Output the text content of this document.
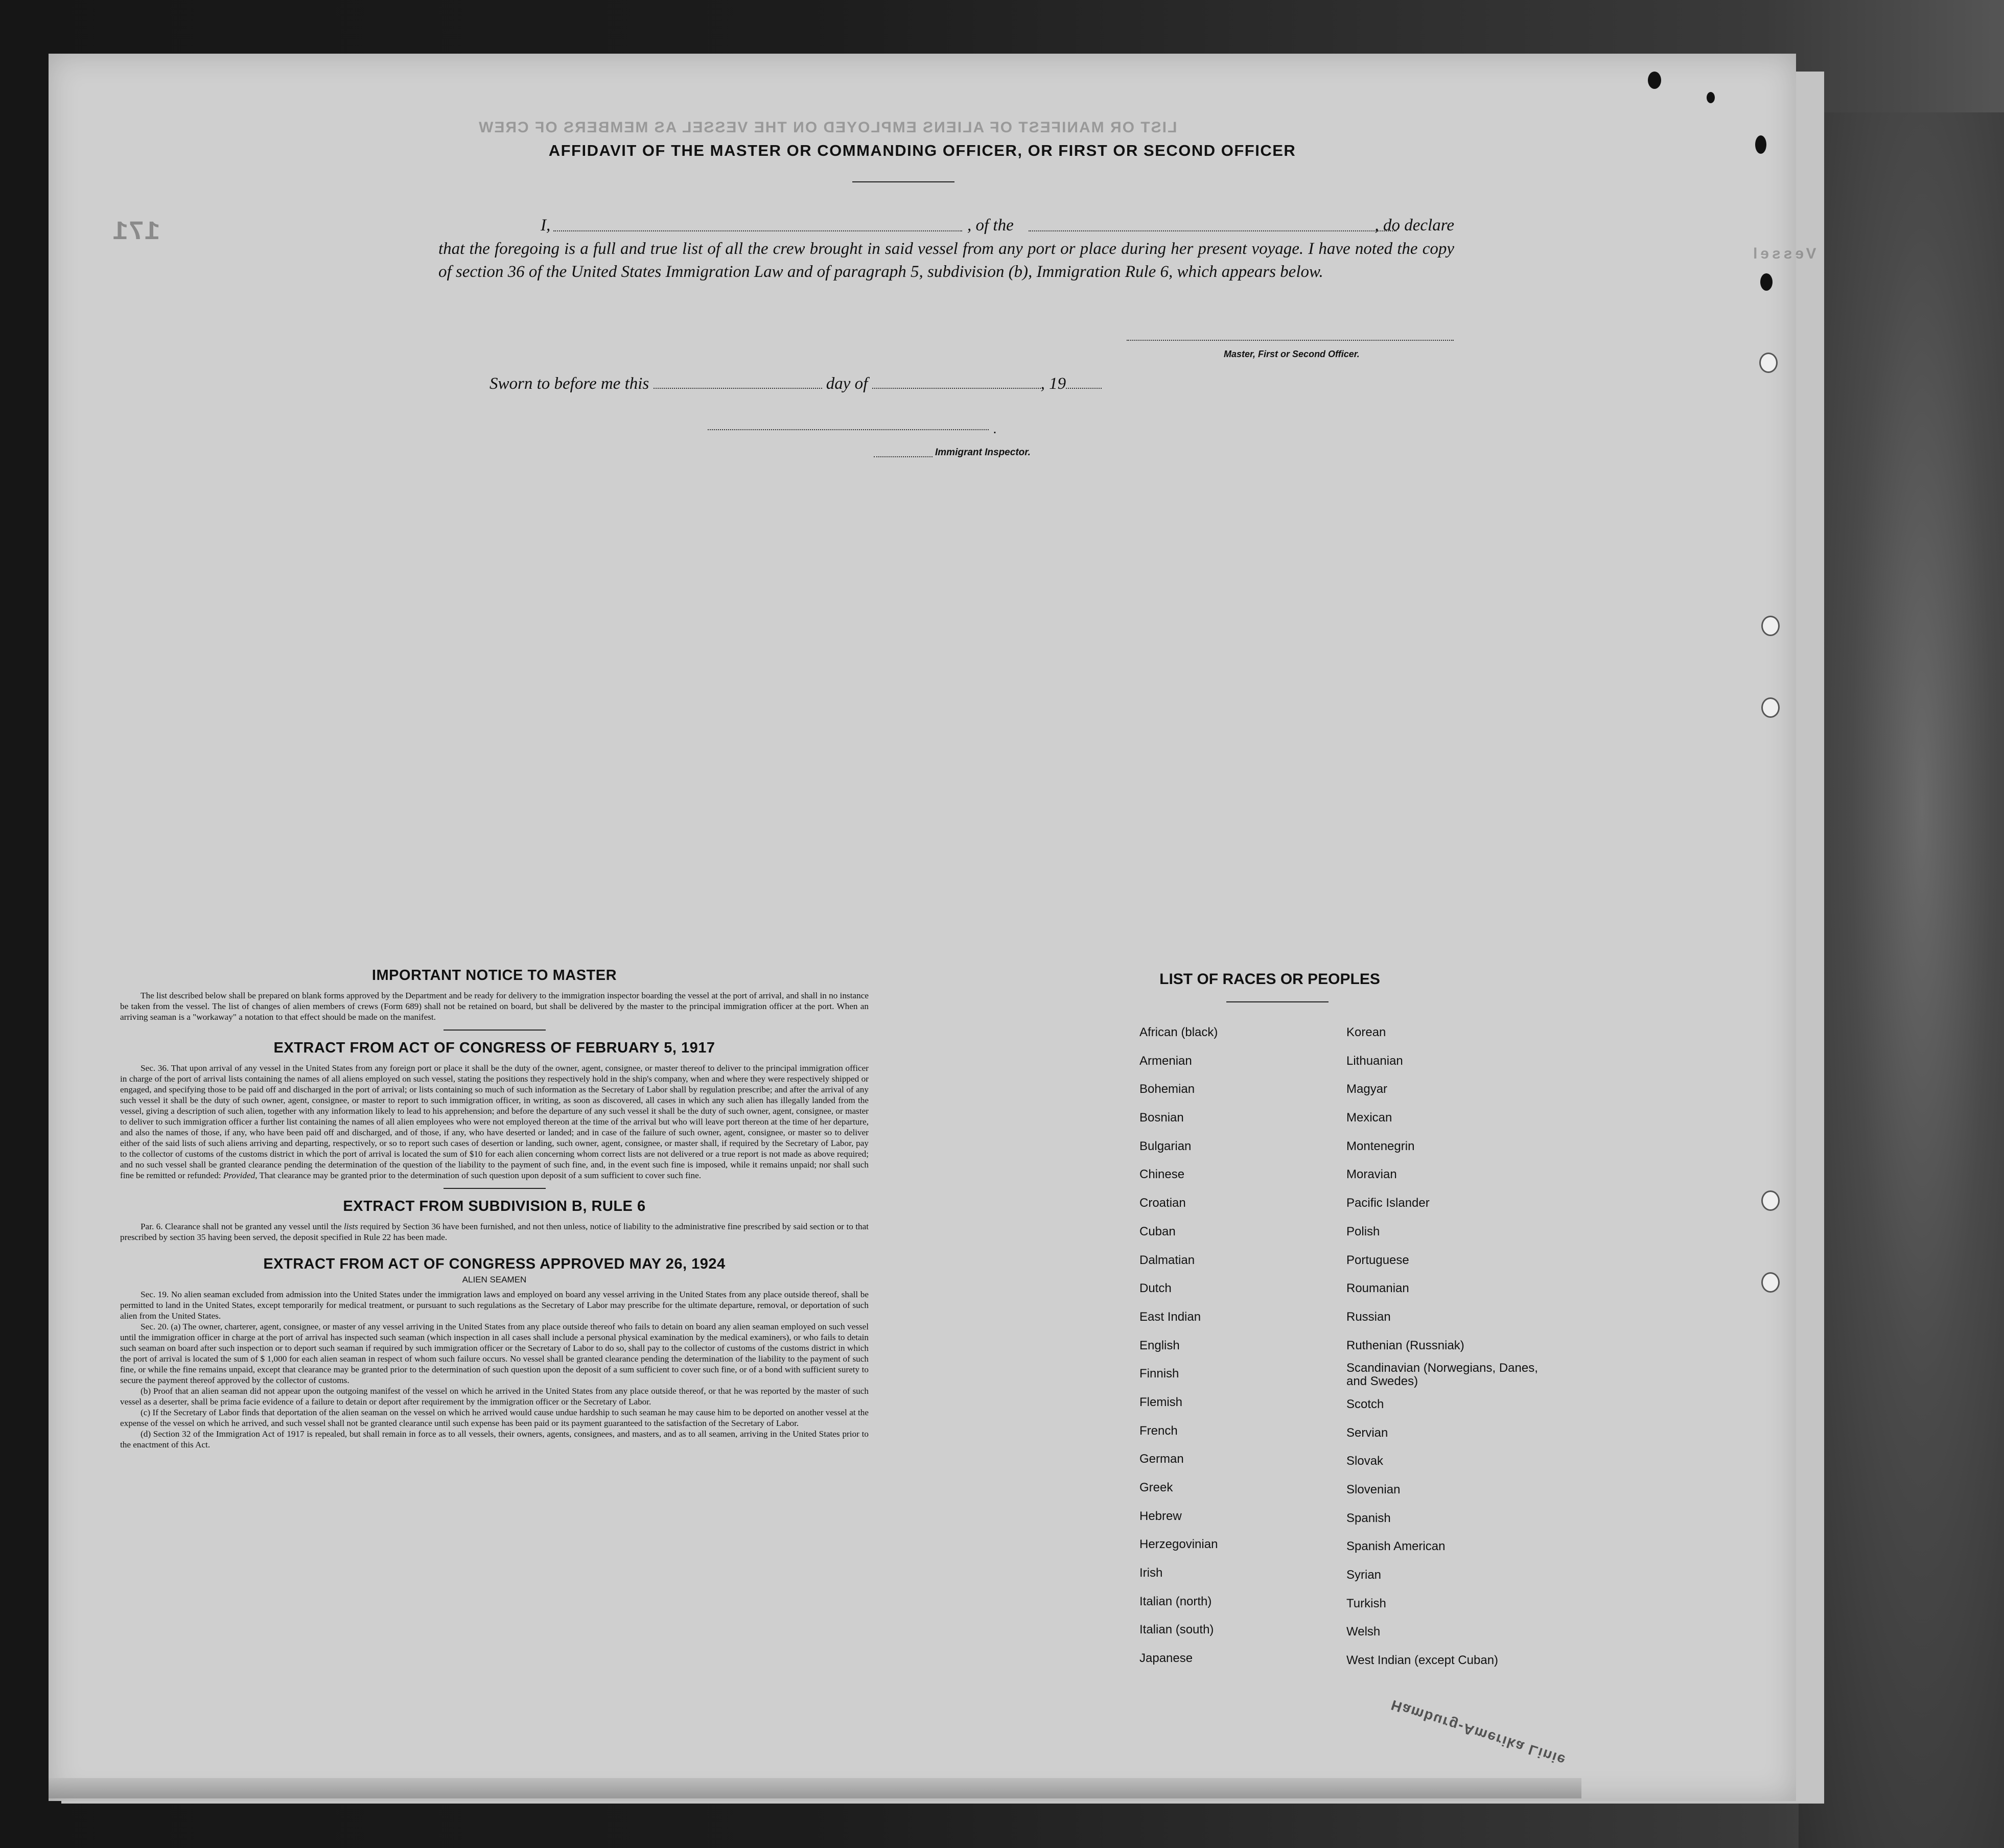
LIST OR MANIFEST OF ALIENS EMPLOYED ON THE VESSEL AS MEMBERS OF CREW
Vessel
171
AFFIDAVIT OF THE MASTER OR COMMANDING OFFICER, OR FIRST OR SECOND OFFICER
I,	, of the	, do declare
that the foregoing is a full and true list of all the crew brought in said vessel from any port or place during her present voyage. I have noted the copy of section 36 of the United States Immigration Law and of paragraph 5, subdivision (b), Immigration Rule 6, which appears below.
Master, First or Second Officer.
Sworn to before me this	day of	, 19
.
Immigrant Inspector.
IMPORTANT NOTICE TO MASTER

The list described below shall be prepared on blank forms approved by the Department and be ready for delivery to the immigration inspector boarding the vessel at the port of arrival, and shall in no instance be taken from the vessel. The list of changes of alien members of crews (Form 689) shall not be retained on board, but shall be delivered by the master to the principal immigration officer at the port. When an arriving seaman is a "workaway" a notation to that effect should be made on the manifest.

EXTRACT FROM ACT OF CONGRESS OF FEBRUARY 5, 1917

Sec. 36. That upon arrival of any vessel in the United States from any foreign port or place it shall be the duty of the owner, agent, consignee, or master thereof to deliver to the principal immigration officer in charge of the port of arrival lists containing the names of all aliens employed on such vessel, stating the positions they respectively hold in the ship's company, when and where they were respectively shipped or engaged, and specifying those to be paid off and discharged in the port of arrival; or lists containing so much of such information as the Secretary of Labor shall by regulation prescribe; and after the arrival of any such vessel it shall be the duty of such owner, agent, consignee, or master to report to such immigration officer, in writing, as soon as discovered, all cases in which any such alien has illegally landed from the vessel, giving a description of such alien, together with any information likely to lead to his apprehension; and before the departure of any such vessel it shall be the duty of such owner, agent, consignee, or master to deliver to such immigration officer a further list containing the names of all alien employees who were not employed thereon at the time of the arrival but who will leave port thereon at the time of her departure, and also the names of those, if any, who have been paid off and discharged, and of those, if any, who have deserted or landed; and in case of the failure of such owner, agent, consignee, or master so to deliver either of the said lists of such aliens arriving and departing, respectively, or so to report such cases of desertion or landing, such owner, agent, consignee, or master shall, if required by the Secretary of Labor, pay to the collector of customs of the customs district in which the port of arrival is located the sum of $10 for each alien concerning whom correct lists are not delivered or a true report is not made as above required; and no such vessel shall be granted clearance pending the determination of the question of the liability to the payment of such fine, and, in the event such fine is imposed, while it remains unpaid; nor shall such fine be remitted or refunded: Provided, That clearance may be granted prior to the determination of such question upon deposit of a sum sufficient to cover such fine.

EXTRACT FROM SUBDIVISION B, RULE 6

Par. 6. Clearance shall not be granted any vessel until the lists required by Section 36 have been furnished, and not then unless, notice of liability to the administrative fine prescribed by said section or to that prescribed by section 35 having been served, the deposit specified in Rule 22 has been made.

EXTRACT FROM ACT OF CONGRESS APPROVED MAY 26, 1924
ALIEN SEAMEN

Sec. 19. No alien seaman excluded from admission into the United States under the immigration laws and employed on board any vessel arriving in the United States from any place outside thereof, shall be permitted to land in the United States, except temporarily for medical treatment, or pursuant to such regulations as the Secretary of Labor may prescribe for the ultimate departure, removal, or deportation of such alien from the United States.

Sec. 20. (a) The owner, charterer, agent, consignee, or master of any vessel arriving in the United States from any place outside thereof who fails to detain on board any alien seaman employed on such vessel until the immigration officer in charge at the port of arrival has inspected such seaman (which inspection in all cases shall include a personal physical examination by the medical examiners), or who fails to detain such seaman on board after such inspection or to deport such seaman if required by such immigration officer or the Secretary of Labor to do so, shall pay to the collector of customs of the customs district in which the port of arrival is located the sum of $ 1,000 for each alien seaman in respect of whom such failure occurs. No vessel shall be granted clearance pending the determination of the liability to the payment of such fine, or while the fine remains unpaid, except that clearance may be granted prior to the determination of such question upon the deposit of a sum sufficient to cover such fine, or of a bond with sufficient surety to secure the payment thereof approved by the collector of customs.

(b) Proof that an alien seaman did not appear upon the outgoing manifest of the vessel on which he arrived in the United States from any place outside thereof, or that he was reported by the master of such vessel as a deserter, shall be prima facie evidence of a failure to detain or deport after requirement by the immigration officer or the Secretary of Labor.

(c) If the Secretary of Labor finds that deportation of the alien seaman on the vessel on which he arrived would cause undue hardship to such seaman he may cause him to be deported on another vessel at the expense of the vessel on which he arrived, and such vessel shall not be granted clearance until such expense has been paid or its payment guaranteed to the satisfaction of the Secretary of Labor.

(d) Section 32 of the Immigration Act of 1917 is repealed, but shall remain in force as to all vessels, their owners, agents, consignees, and masters, and as to all seamen, arriving in the United States prior to the enactment of this Act.

LIST OF RACES OR PEOPLES
African (black)
Armenian
Bohemian
Bosnian
Bulgarian
Chinese
Croatian
Cuban
Dalmatian
Dutch
East Indian
English
Finnish
Flemish
French
German
Greek
Hebrew
Herzegovinian
Irish
Italian (north)
Italian (south)
Japanese
Korean
Lithuanian
Magyar
Mexican
Montenegrin
Moravian
Pacific Islander
Polish
Portuguese
Roumanian
Russian
Ruthenian (Russniak)
Scandinavian (Norwegians, Danes, and Swedes)
Scotch
Servian
Slovak
Slovenian
Spanish
Spanish American
Syrian
Turkish
Welsh
West Indian (except Cuban)
Hamburg-Amerika Linie
